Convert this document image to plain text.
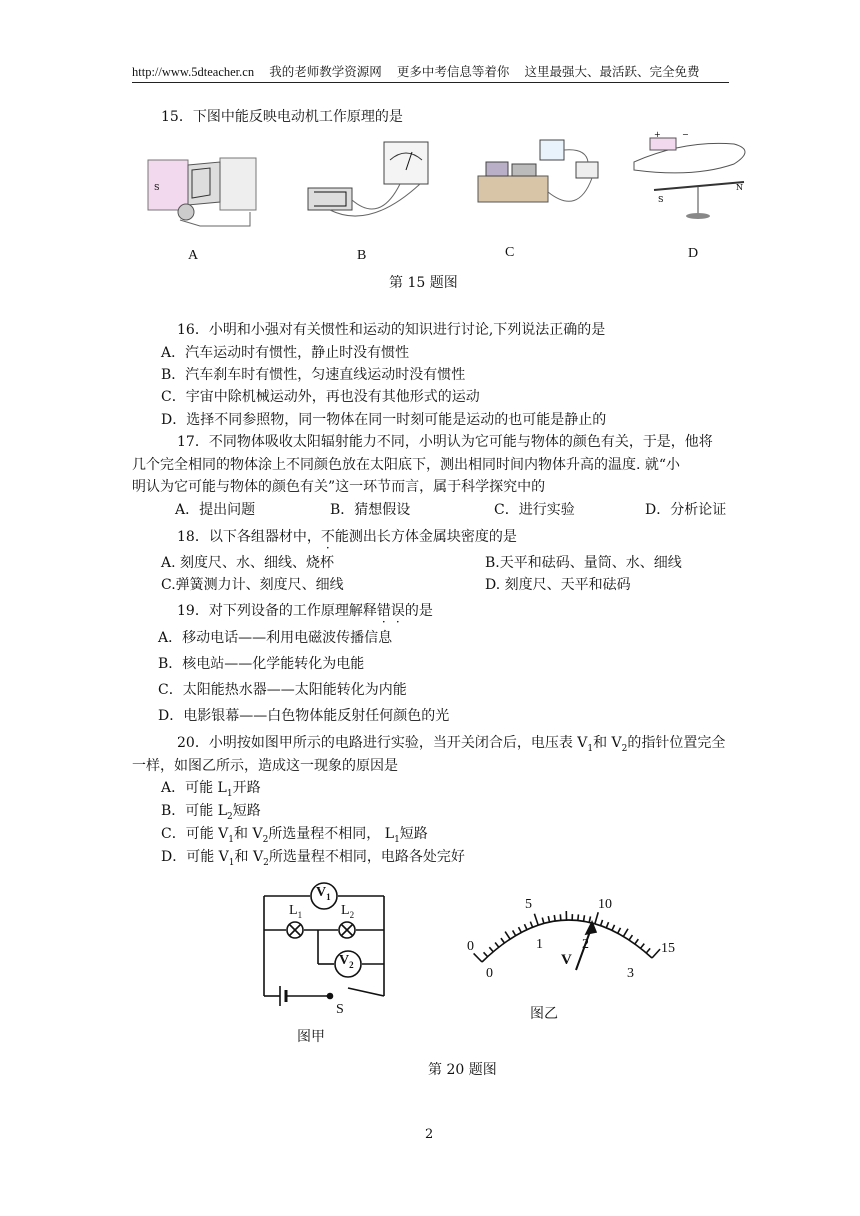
http://www.5dteacher.cn 我的老师教学资源网 更多中考信息等着你 这里最强大、最活跃、完全免费
15．下图中能反映电动机工作原理的是
S
A	B	C
+	−
S
N
D
第 15 题图
16．小明和小强对有关惯性和运动的知识进行讨论,下列说法正确的是
A．汽车运动时有惯性，静止时没有惯性
B．汽车刹车时有惯性，匀速直线运动时没有惯性
C．宇宙中除机械运动外，再也没有其他形式的运动
D．选择不同参照物，同一物体在同一时刻可能是运动的也可能是静止的
17．不同物体吸收太阳辐射能力不同，小明认为它可能与物体的颜色有关，于是，他将
几个完全相同的物体涂上不同颜色放在太阳底下，测出相同时间内物体升高的温度. 就“小
明认为它可能与物体的颜色有关”这一环节而言，属于科学探究中的
A．提出问题	B．猜想假设	C．进行实验	D．分析论证
18．以下各组器材中，不能测出长方体金属块密度的是
A. 刻度尺、水、细线、烧杯	B.天平和砝码、量筒、水、细线
C.弹簧测力计、刻度尺、细线	D. 刻度尺、天平和砝码
19．对下列设备的工作原理解释错误的是
A．移动电话——利用电磁波传播信息
B．核电站——化学能转化为电能
C．太阳能热水器——太阳能转化为内能
D．电影银幕——白色物体能反射任何颜色的光
20．小明按如图甲所示的电路进行实验，当开关闭合后，电压表 $V_1$和 $V_2$的指针位置完全
一样，如图乙所示，造成这一现象的原因是
A．可能 $L_1$开路
B．可能 $L_2$短路
C．可能 $V_1$和 $V_2$所选量程不相同， $L_1$短路
D．可能 $V_1$和 $V_2$所选量程不相同，电路各处完好
$V_1$
$V_2$
$L_1$	$L_2$
S
图甲
0
5	10
15
0
1	2
3
V
图乙
第 20 题图
2
